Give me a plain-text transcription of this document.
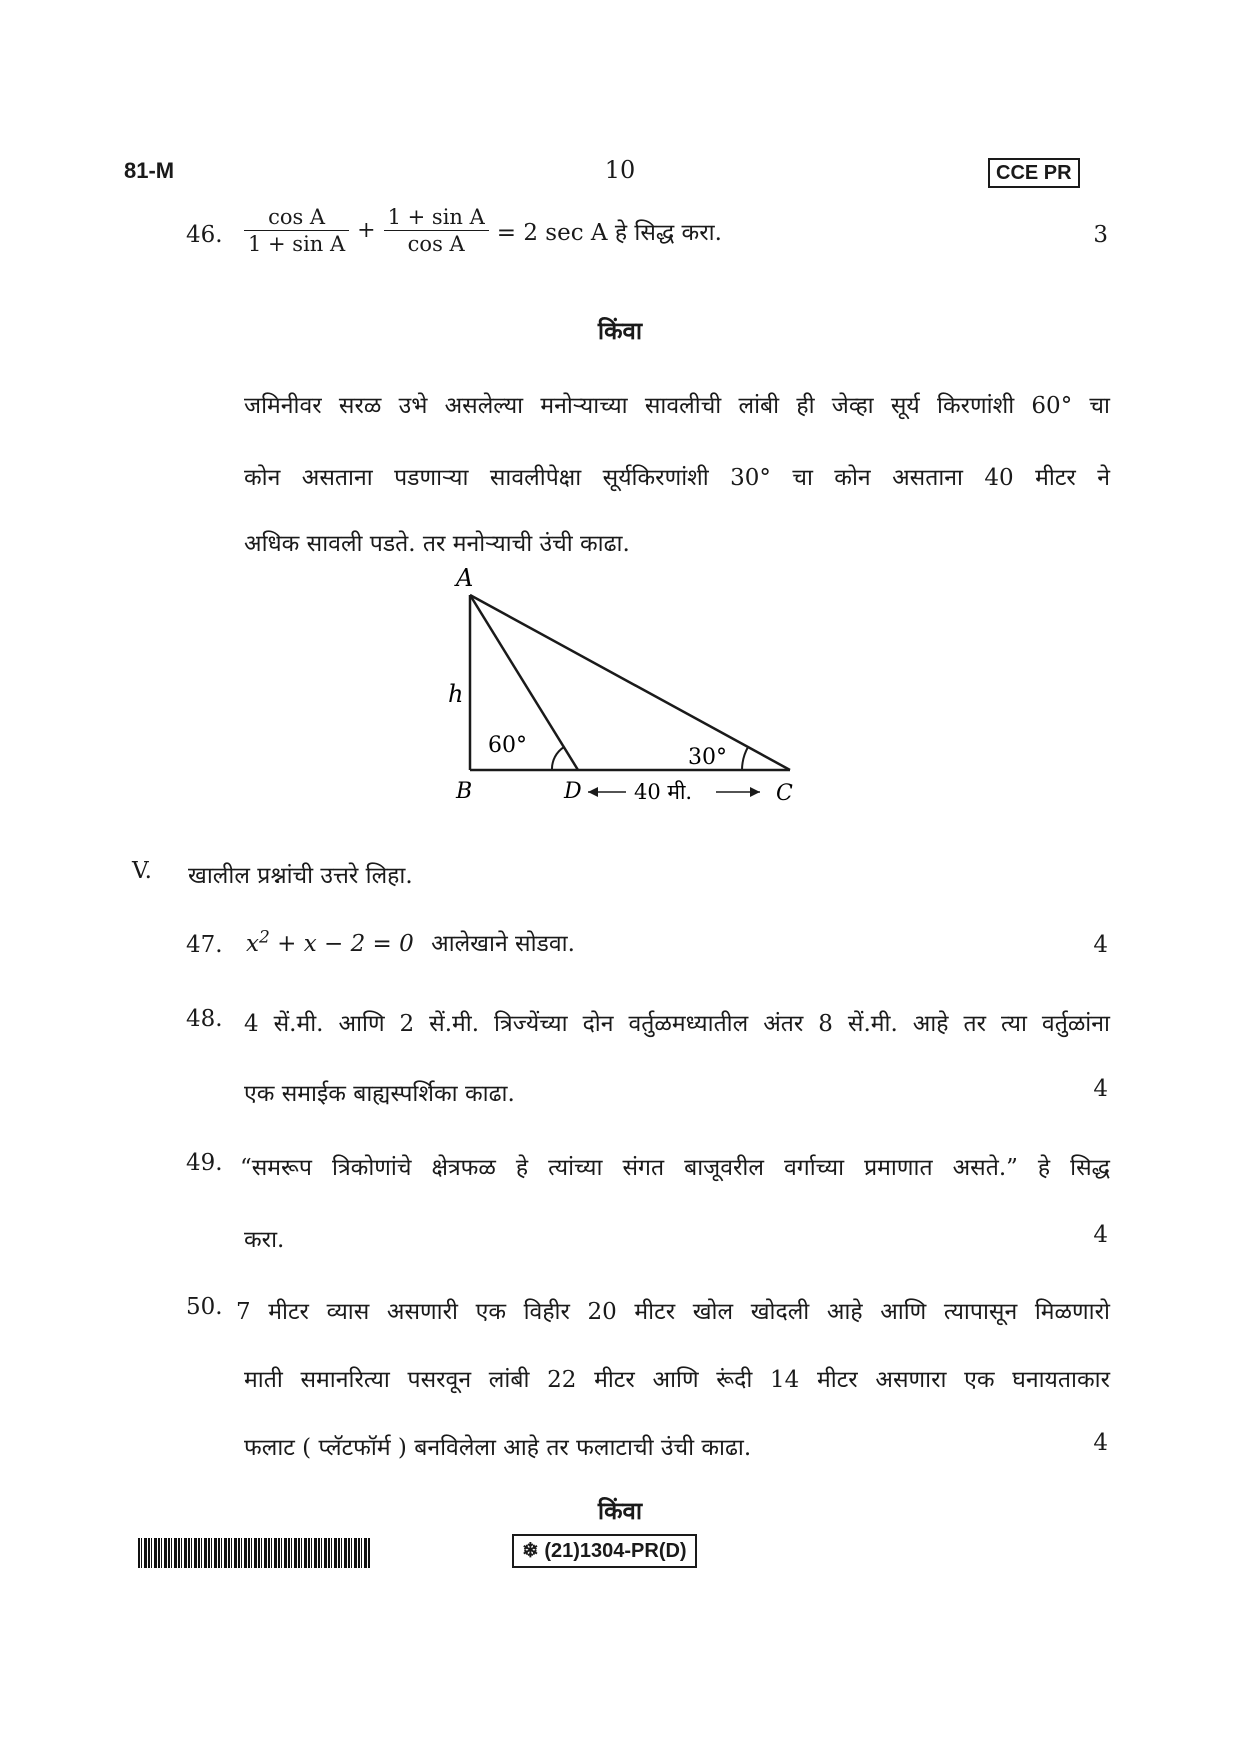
81-M	10	CCE PR
46. $\frac{\text{cos A}}{\text{1 + sin A}} + \frac{\text{1 + sin A}}{\text{cos A}} = 2$ sec A हे सिद्ध करा.	3
किंवा
जमिनीवर सरळ उभे असलेल्या मनोऱ्याच्या सावलीची लांबी ही जेव्हा सूर्य किरणांशी 60° चा
कोन असताना पडणाऱ्या सावलीपेक्षा सूर्यकिरणांशी 30° चा कोन असताना 40 मीटर ने
अधिक सावली पडते. तर मनोऱ्याची उंची काढा.
A
h
60°	30°
B	D 40 मी.	C
V. खालील प्रश्नांची उत्तरे लिहा.
47. $x^2 + x - 2 = 0$ आलेखाने सोडवा.	4
48. 4 सें.मी. आणि 2 सें.मी. त्रिज्येंच्या दोन वर्तुळमध्यातील अंतर 8 सें.मी. आहे तर त्या वर्तुळांना
एक समाईक बाह्यस्पर्शिका काढा.	4
49. “समरूप त्रिकोणांचे क्षेत्रफळ हे त्यांच्या संगत बाजूवरील वर्गाच्या प्रमाणात असते.” हे सिद्ध
करा.	4
50. 7 मीटर व्यास असणारी एक विहीर 20 मीटर खोल खोदली आहे आणि त्यापासून मिळणारो
माती समानरित्या पसरवून लांबी 22 मीटर आणि रूंदी 14 मीटर असणारा एक घनायताकार
फलाट ( प्लॅटफॉर्म ) बनविलेला आहे तर फलाटाची उंची काढा.	4
किंवा
❄ (21)1304-PR(D)
